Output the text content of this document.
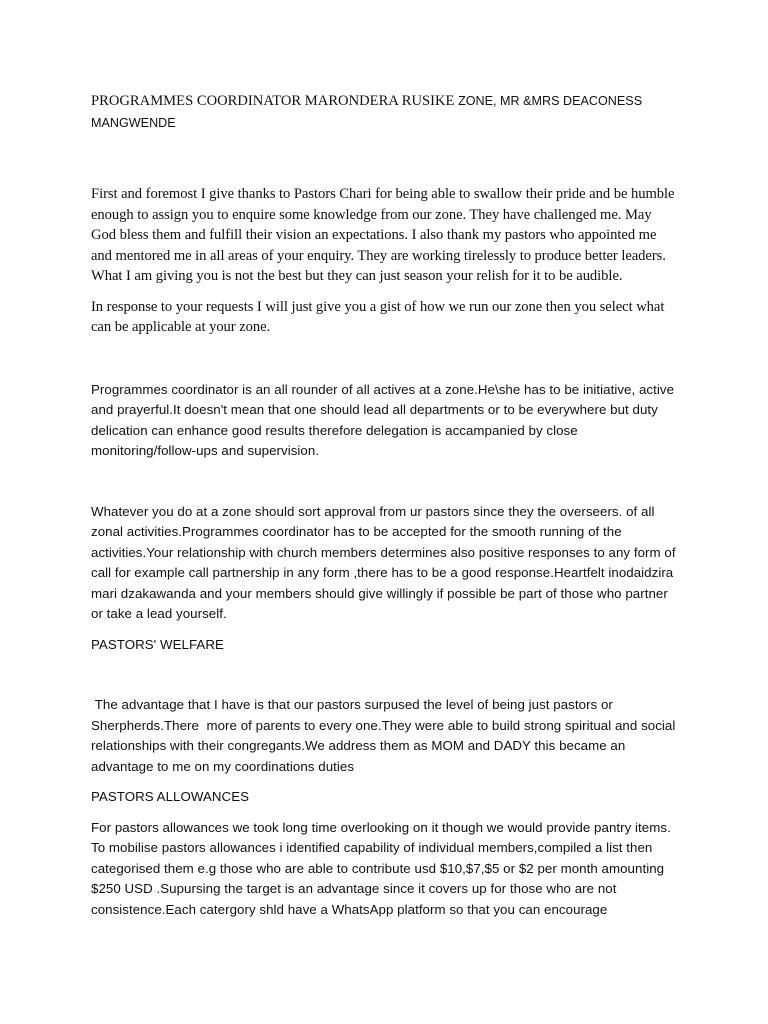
PROGRAMMES COORDINATOR MARONDERA RUSIKE ZONE, MR &MRS DEACONESS MANGWENDE

First and foremost I give thanks to Pastors Chari for being able to swallow their pride and be humble enough to assign you to enquire some knowledge from our zone. They have challenged me. May God bless them and fulfill their vision an expectations. I also thank my pastors who appointed me and mentored me in all areas of your enquiry. They are working tirelessly to produce better leaders. What I am giving you is not the best but they can just season your relish for it to be audible.

In response to your requests I will just give you a gist of how we run our zone then you select what can be applicable at your zone.

Programmes coordinator is an all rounder of all actives at a zone.He\she has to be initiative, active and prayerful.It doesn't mean that one should lead all departments or to be everywhere but duty delication can enhance good results therefore delegation is accampanied by close monitoring/follow-ups and supervision.

Whatever you do at a zone should sort approval from ur pastors since they the overseers. of all zonal activities.Programmes coordinator has to be accepted for the smooth running of the activities.Your relationship with church members determines also positive responses to any form of call for example call partnership in any form ,there has to be a good response.Heartfelt inodaidzira mari dzakawanda and your members should give willingly if possible be part of those who partner or take a lead yourself.

PASTORS' WELFARE

The advantage that I have is that our pastors surpused the level of being just pastors or Sherpherds.There  more of parents to every one.They were able to build strong spiritual and social relationships with their congregants.We address them as MOM and DADY this became an advantage to me on my coordinations duties

PASTORS ALLOWANCES

For pastors allowances we took long time overlooking on it though we would provide pantry items. To mobilise pastors allowances i identified capability of individual members,compiled a list then categorised them e.g those who are able to contribute usd $10,$7,$5 or $2 per month amounting $250 USD .Supursing the target is an advantage since it covers up for those who are not consistence.Each catergory shld have a WhatsApp platform so that you can encourage
